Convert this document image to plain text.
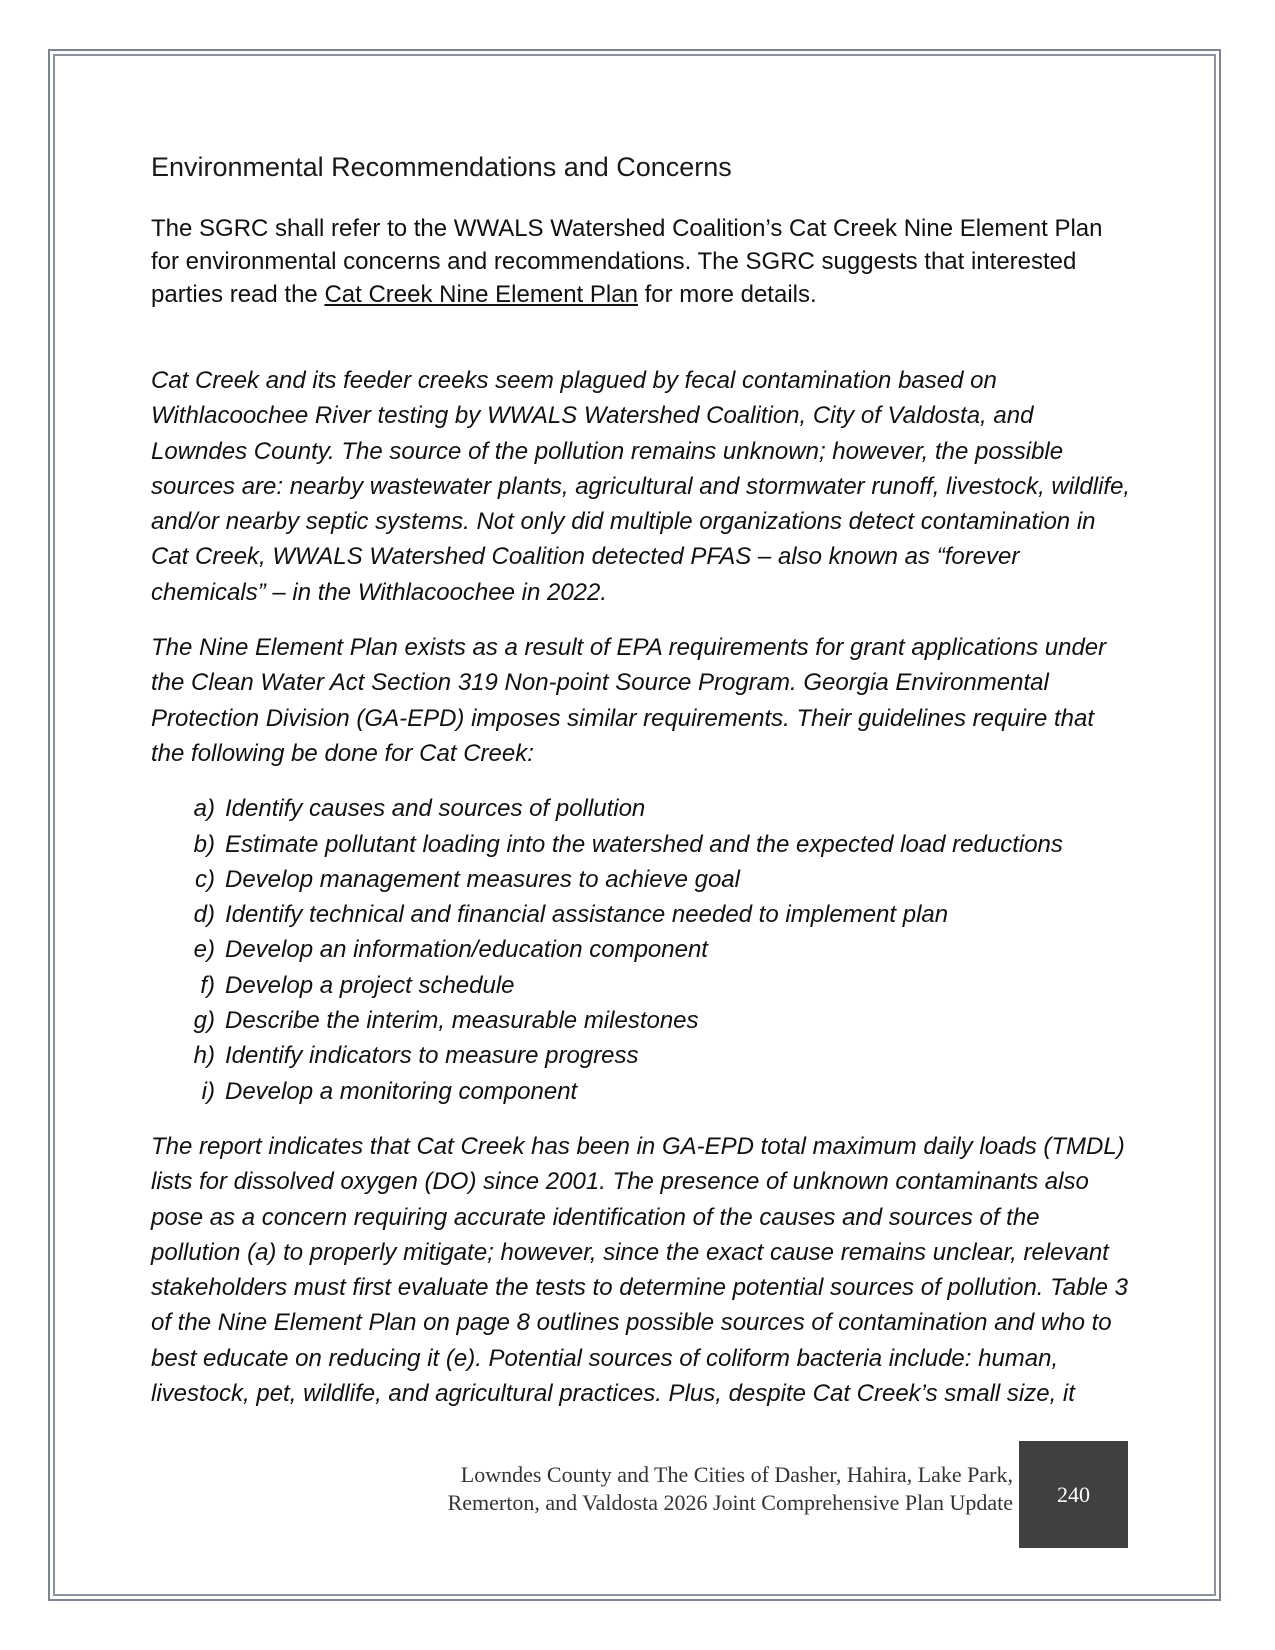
Environmental Recommendations and Concerns

The SGRC shall refer to the WWALS Watershed Coalition’s Cat Creek Nine Element Plan for environmental concerns and recommendations. The SGRC suggests that interested parties read the Cat Creek Nine Element Plan for more details.

Cat Creek and its feeder creeks seem plagued by fecal contamination based on Withlacoochee River testing by WWALS Watershed Coalition, City of Valdosta, and Lowndes County. The source of the pollution remains unknown; however, the possible sources are: nearby wastewater plants, agricultural and stormwater runoff, livestock, wildlife, and/or nearby septic systems. Not only did multiple organizations detect contamination in Cat Creek, WWALS Watershed Coalition detected PFAS – also known as “forever chemicals” – in the Withlacoochee in 2022.

The Nine Element Plan exists as a result of EPA requirements for grant applications under the Clean Water Act Section 319 Non-point Source Program. Georgia Environmental Protection Division (GA-EPD) imposes similar requirements. Their guidelines require that the following be done for Cat Creek:

a) Identify causes and sources of pollution
b) Estimate pollutant loading into the watershed and the expected load reductions
c) Develop management measures to achieve goal
d) Identify technical and financial assistance needed to implement plan
e) Develop an information/education component
f) Develop a project schedule
g) Describe the interim, measurable milestones
h) Identify indicators to measure progress
i) Develop a monitoring component

The report indicates that Cat Creek has been in GA-EPD total maximum daily loads (TMDL) lists for dissolved oxygen (DO) since 2001. The presence of unknown contaminants also pose as a concern requiring accurate identification of the causes and sources of the pollution (a) to properly mitigate; however, since the exact cause remains unclear, relevant stakeholders must first evaluate the tests to determine potential sources of pollution. Table 3 of the Nine Element Plan on page 8 outlines possible sources of contamination and who to best educate on reducing it (e). Potential sources of coliform bacteria include: human, livestock, pet, wildlife, and agricultural practices. Plus, despite Cat Creek’s small size, it

Lowndes County and The Cities of Dasher, Hahira, Lake Park,
Remerton, and Valdosta 2026 Joint Comprehensive Plan Update 240
